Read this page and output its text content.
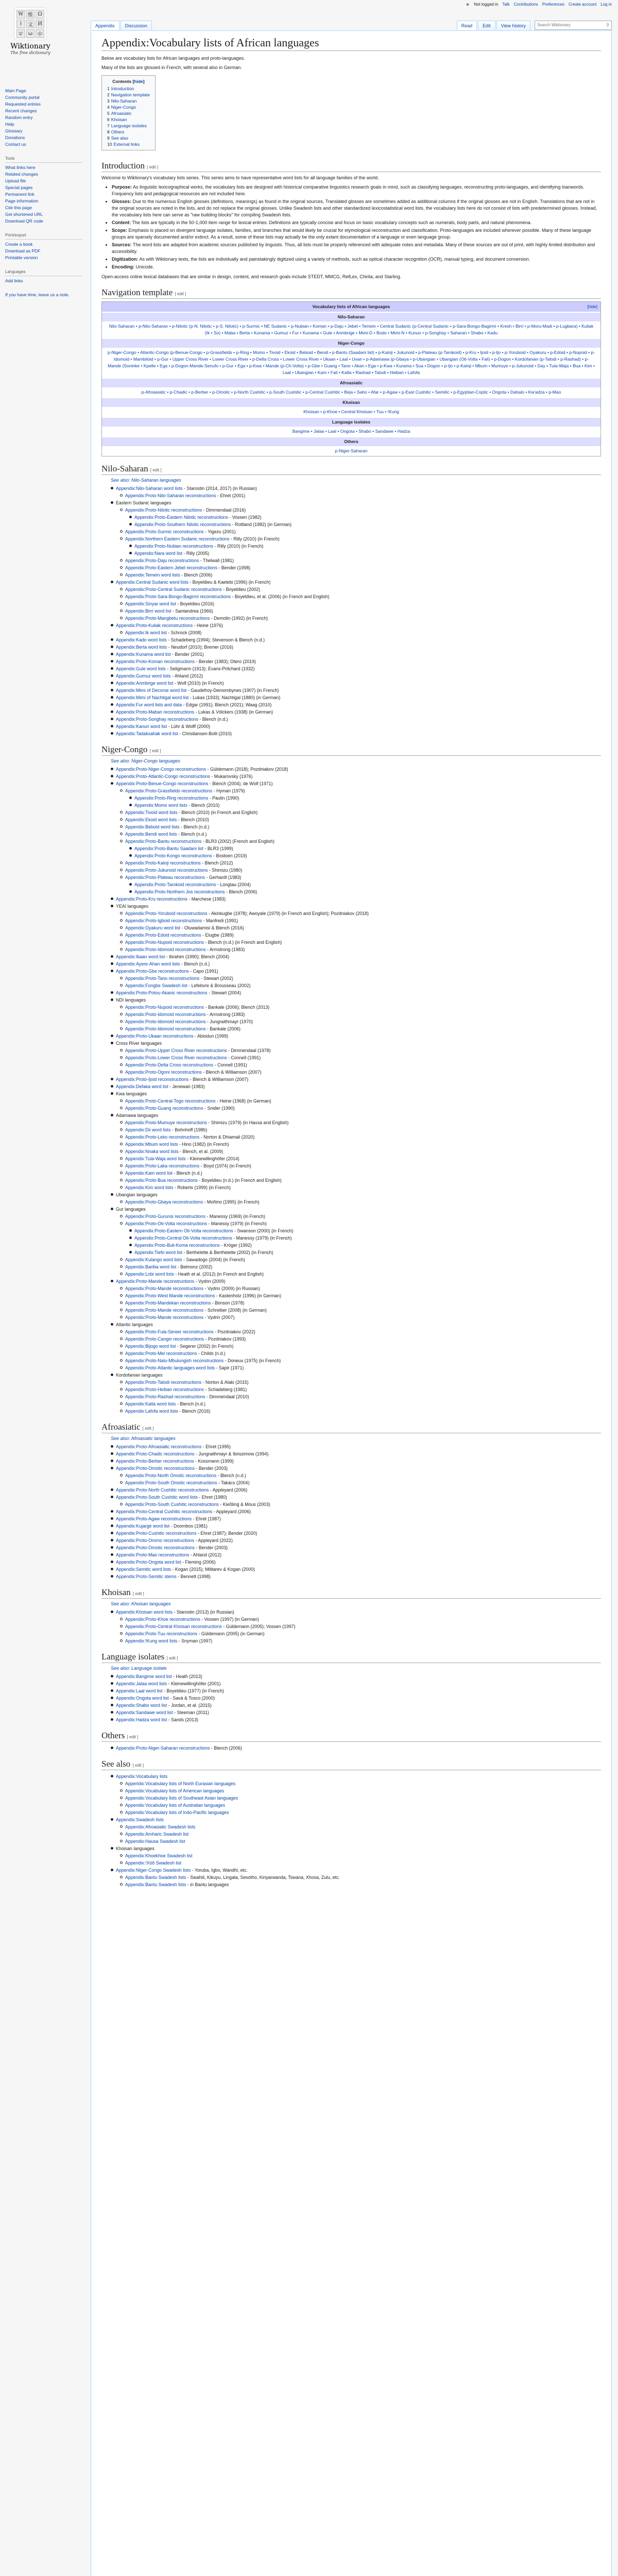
W 维 Ω
ا	文 И
ש	ω 中
Wiktionary
The free dictionary
☻ Not logged in Talk Contributions Preferences Create account Log in
Appendix	Discussion	Read	Edit	View history	Search Wiktionary	⚲
Main Page
Community portal
Requested entries
Recent changes
Random entry
Help
Glossary
Donations
Contact us
Tools
What links here
Related changes
Upload file
Special pages
Permanent link
Page information
Cite this page
Get shortened URL
Download QR code
Print/export
Create a book
Download as PDF
Printable version
Languages
Add links
If you have time, leave us a note.
Appendix:Vocabulary lists of African languages

Below are vocabulary lists for African languages and proto-languages.

Many of the lists are glossed in French, with several also in German.

Contents [hide]
1 Introduction
2 Navigation template
3 Nilo-Saharan
4 Niger-Congo
5 Afroasiatic
6 Khoisan
7 Language isolates
8 Others
9 See also
10 External links
Introduction [ edit ]

Welcome to Wiktionary's vocabulary lists series. This series aims to have representative word lists for all language families of the world.

• Purpose: As linguistic lexicographical works, the vocabulary lists are designed with historical comparative linguistics research goals in mind, such as classifying languages, reconstructing proto-languages, and identifying loanwords. Frequency lists and pedagogical resources are not included here.
• Glosses: Due to the numerous English glosses (definitions, meanings) as found in the original sources, Translated glosses are sometimes added as additional columns if the original glosses are not in English. Translations that are not in the original sources are noted in the lists, and do not replace the original glosses. Unlike Swadesh lists and other standardized lexicostatistical word lists, the vocabulary lists here do not consist of lists with predetermined glosses. Instead, the vocabulary lists here can serve as "raw building blocks" for compiling Swadesh lists.
• Content: The lists are typically in the 50-1,000 item range for lexical entries. Definitions are typically concise and focus on basic vocabulary concepts such as numerals, body parts, and natural phenomena.
• Scope: Emphasis is placed on divergent language isolates, families, and branches that would likely be crucial for etymological reconstruction and classification. Proto-languages are included wherever possible. Many of these language groups are sparsely documented and/or extinct. As a result, some of these lists may actually be the only extant documentation of a language or even language group.
• Sources: The word lists are adapted from academic sources published by linguists. Thus, all lists must be properly referenced with adequate notes and metadata. Many of these sources are out of print, with highly limited distribution and accessibility.
• Digitization: As with Wiktionary texts, the lists are individually and painstakingly digitized using a variety of methods, such as optical character recognition (OCR), manual typing, and document conversion.
• Encoding: Unicode.

Open-access online lexical databases that are similar in design, content, and research goals include STEDT, MMCG, RefLex, Chirila, and Starling.

Navigation template [ edit ]
Vocabulary lists of African languages	[hide]
Nilo-Saharan
Nilo-Saharan • p-Nilo-Saharan • p-Nilotic (p-N. Nilotic • p-S. Nilotic) • p-Surmic • NE Sudanic • p-Nubian • Koman • p-Daju • Jebel • Temein • Central Sudanic (p-Central Sudanic • p-Sara-Bongo-Bagirmi • Kresh • Birri • p-Moru-Madi • p-Lugbara) • Kuliak (Ik • So) • Maba • Berta • Kunama • Gumuz • Fur • Kunama • Gule • Anmbrige • Mimi-D • Bodo • Mimi-N • Kunun • p-Songhay • Saharan • Shabo • Kadu
Niger-Congo
p-Niger-Congo • Atlantic-Congo (p-Benue-Congo • p-Grassfields • p-Ring • Momo • Tivoid • Ekoid • Beboid • Bendi • p-Bantu (Saadani list) • p-Kainji • Jukunoid • p-Plateau (p-Tarokoid) • p-Kru • Ijoid • p-Ijo • p-Yoruboid • Oyakuru • p-Edoid • p-Nupoid • p-Idomoid • Mambiloid • p-Gur • Upper Cross River • Lower Cross River • p-Delta Cross • Lower Cross River • Ukaan • Laal • Uvan • p-Adamawa (p-Gbaya • p-Ubangian • Ubangian (Oti-Volta • Fali) • p-Dogon • Kordofanian (p-Talodi • p-Rashad) • p-Mande (Soninke • Kpelle • Ega • p-Dogon-Mande-Senufo • p-Gur • Ega • p-Kwa • Mande (p-Ch-Volta) • p-Gbe • Guang • Tano • Akan • Ega • p-Kwa • Kurama • Sua • Dogon • p-Ijo • p-Kainji • Mbum • Mumuye • p-Jukunoid • Day • Tula-Waja • Bua • Kim • Laal • Ubangian • Kam • Fali • Katla • Rashad • Talodi • Heiban • Lafofa
Afroasiatic
p-Afroasiatic • p-Chadic • p-Berber • p-Omotic • p-North Cushitic • p-South Cushitic • p-Central Cushitic • Beja • Saho • Afar • p-Agaw • p-East Cushitic • Semitic • p-Egyptian-Coptic • Ongota • Dahalo • Kw'adza • p-Mao
Khoisan
Khoisan • p-Khoe • Central Khoisan • Tuu • !Kung
Language isolates
Bangime • Jalaa • Laal • Ongota • Shabo • Sandawe • Hadza
Others
p-Niger-Saharan
Nilo-Saharan [ edit ]
See also: Nilo-Saharan languages
Appendix:Nilo-Saharan word lists - Starostin (2014, 2017) (in Russian)
Appendix:Proto-Nilo-Saharan reconstructions - Ehret (2001)
Eastern Sudanic languages
Appendix:Proto-Nilotic reconstructions - Dimmendaal (2016)
Appendix:Proto-Eastern Nilotic reconstructions - Vossen (1982)
Appendix:Proto-Southern Nilotic reconstructions - Rottland (1982) (in German)
Appendix:Proto-Surmic reconstructions - Yigezu (2001)
Appendix:Northern Eastern Sudanic reconstructions - Rilly (2010) (in French)
Appendix:Proto-Nubian reconstructions - Rilly (2010) (in French)
Appendix:Nara word list - Rilly (2005)
Appendix:Proto-Daju reconstructions - Thelwall (1981)
Appendix:Proto-Eastern Jebel reconstructions - Bender (1998)
Appendix:Temein word lists - Blench (2006)
Appendix:Central Sudanic word lists - Boyeldieu & Kaelebi (1996) (in French)
Appendix:Proto-Central Sudanic reconstructions - Boyeldieu (2002)
Appendix:Proto-Sara-Bongo-Bagirmi reconstructions - Boyeldieu, et al. (2006) (in French and English)
Appendix:Sinyar word list - Boyeldieu (2016)
Appendix:Birri word list - Santandrea (1966)
Appendix:Proto-Mangbetu reconstructions - Demolin (1992) (in French)
Appendix:Proto-Kuliak reconstructions - Heine (1976)
Appendix:Ik word list - Schrock (2008)
Appendix:Kado word lists - Schadeberg (1994); Stevenson & Blench (n.d.)
Appendix:Berta word lists - Neudorf (2010); Bremer (2016)
Appendix:Kunama word list - Bender (2001)
Appendix:Proto-Koman reconstructions - Bender (1983); Otero (2019)
Appendix:Gule word lists - Seligmann (1913); Evans-Pritchard (1932)
Appendix:Gumuz word lists - Ahland (2012)
Appendix:Anmbrige word list - Wolf (2010) (in French)
Appendix:Mimi of Decorse word list - Gaudefroy-Demombynes (1907) (in French)
Appendix:Mimi of Nachtigal word list - Lukas (1933); Nachtigal (1880) (in German)
Appendix:Fur word lists and data - Edgar (1991); Blench (2021); Waag (2010)
Appendix:Proto-Maban reconstructions - Lukas & Völckers (1938) (in German)
Appendix:Proto-Songhay reconstructions - Blench (n.d.)
Appendix:Kanuri word list - Lühr & Wolff (2000)
Appendix:Tadaksahak word list - Christiansen-Bolli (2010)
Niger-Congo [ edit ]
See also: Niger-Congo languages
Appendix:Proto-Niger-Congo reconstructions - Güldemann (2018); Pozdniakov (2018)
Appendix:Proto-Atlantic-Congo reconstructions - Mukarovsky (1976)
Appendix:Proto-Benue-Congo reconstructions - Blench (2004); de Wolf (1971)
Appendix:Proto-Grassfields reconstructions - Hyman (1979)
Appendix:Proto-Ring reconstructions - Paulin (1990)
Appendix:Momo word lists - Blench (2010)
Appendix:Tivoid word lists - Blench (2010) (in French and English)
Appendix:Ekoid word lists - Blench (2010)
Appendix:Beboid word lists - Blench (n.d.)
Appendix:Bendi word lists - Blench (n.d.)
Appendix:Proto-Bantu reconstructions - BLR3 (2002) (French and English)
Appendix:Proto-Bantu Saadani list - BLR3 (1999)
Appendix:Proto-Kongo reconstructions - Bostoen (2019)
Appendix:Proto-Kainji reconstructions - Blench (2012)
Appendix:Proto-Jukunoid reconstructions - Shimizu (1980)
Appendix:Proto-Plateau reconstructions - Gerhardt (1983)
Appendix:Proto-Tarokoid reconstructions - Longtau (2004)
Appendix:Proto-Northern Jos reconstructions - Blench (2006)
Appendix:Proto-Kru reconstructions - Marchese (1983)
YEAI languages
Appendix:Proto-Yoruboid reconstructions - Akinkugbe (1978); Awoyale (1979) (in French and English); Pozdniakov (2018)
Appendix:Proto-Igboid reconstructions - Manfredi (1991)
Appendix:Oyakuru word list - Oluwadamisi & Blench (2016)
Appendix:Proto-Edoid reconstructions - Elugbe (1989)
Appendix:Proto-Nupoid reconstructions - Blench (n.d.) (in French and English)
Appendix:Proto-Idomoid reconstructions - Armstrong (1983)
Appendix:Ikaan word list - Ibrahim (1990); Blench (2004)
Appendix:Ayere-Ahan word lists - Blench (n.d.)
Appendix:Proto-Gbe reconstructions - Capo (1991)
Appendix:Proto-Tano reconstructions - Stewart (2002)
Appendix:Fongbe Swadesh list - Lefebvre & Brousseau (2002)
Appendix:Proto-Potou-Akanic reconstructions - Stewart (2004)
NDI languages
Appendix:Proto-Nupoid reconstructions - Bankale (2006); Blench (2013)
Appendix:Proto-Idomoid reconstructions - Armstrong (1983)
Appendix:Proto-Idomoid reconstructions - Jungraithmayr (1970)
Appendix:Proto-Idomoid reconstructions - Bankale (2006)
Appendix:Proto-Ukaan reconstructions - Abiodun (1999)
Cross River languages
Appendix:Proto-Upper Cross River reconstructions - Dimmendaal (1978)
Appendix:Proto-Lower Cross River reconstructions - Connell (1991)
Appendix:Proto-Delta Cross reconstructions - Connell (1991)
Appendix:Proto-Ogoni reconstructions - Blench & Williamson (2007)
Appendix:Proto-Ijoid reconstructions - Blench & Williamson (2007)
Appendix:Defaka word list - Jenewari (1983)
Kwa languages
Appendix:Proto-Central-Togo reconstructions - Heine (1968) (in German)
Appendix:Proto-Guang reconstructions - Snider (1990)
Adamawa languages
Appendix:Proto-Mumuye reconstructions - Shimizu (1979) (in Hausa and English)
Appendix:Dii word lists - Bohnhoff (1986)
Appendix:Proto-Leko reconstructions - Norton & Dhiamali (2020)
Appendix:Mbum word lists - Hino (1982) (in French)
Appendix:Nnaka word lists - Blench, et al. (2009)
Appendix:Tula-Waja word lists - Kleinewillinghöfer (2014)
Appendix:Proto-Laka reconstructions - Boyd (1974) (in French)
Appendix:Kam word list - Blench (n.d.)
Appendix:Proto-Bua reconstructions - Boyeldieu (n.d.) (in French and English)
Appendix:Kim word lists - Roberts (1999) (in French)
Ubangian languages
Appendix:Proto-Gbaya reconstructions - Moñino (1995) (in French)
Gur languages
Appendix:Proto-Gurunsi reconstructions - Manessy (1969) (in French)
Appendix:Proto-Oti-Volta reconstructions - Manessy (1979) (in French)
Appendix:Proto-Eastern Oti-Volta reconstructions - Swanson (2000) (in French)
Appendix:Proto-Central Oti-Volta reconstructions - Manessy (1979) (in French)
Appendix:Proto-Buli-Koma reconstructions - Kröger (1992)
Appendix:Tiefo word list - Berthelette & Berthelette (2002) (in French)
Appendix:Kulango word lists - Sawadogo (2004) (in French)
Appendix:Bariba word list - Belmonz (2002)
Appendix:Lobi word lists - Heath et al. (2012) (in French and English)
Appendix:Proto-Mande reconstructions - Vydrin (2009)
Appendix:Proto-Mande reconstructions - Vydrin (2009) (in Russian)
Appendix:Proto-West Mande reconstructions - Kastenholz (1996) (in German)
Appendix:Proto-Mandekan reconstructions - Bimson (1978)
Appendix:Proto-Mande reconstructions - Schreiber (2008) (in German)
Appendix:Proto-Mande reconstructions - Vydrin (2007)
Atlantic languages
Appendix:Proto-Fula-Sereer reconstructions - Pozdniakov (2022)
Appendix:Proto-Cangin reconstructions - Pozdniakov (1993)
Appendix:Bijogo word list - Segerer (2002) (in French)
Appendix:Proto-Mel reconstructions - Childs (n.d.)
Appendix:Proto-Nalu-Mbulungish reconstructions - Doneux (1975) (in French)
Appendix:Proto-Atlantic languages word lists - Sapir (1971)
Kordofanian languages
Appendix:Proto-Talodi reconstructions - Norton & Alaki (2015)
Appendix:Proto-Heiban reconstructions - Schadeberg (1981)
Appendix:Proto-Rashad reconstructions - Dimmendaal (2010)
Appendix:Katla word lists - Blench (n.d.)
Appendix:Lafofa word lists - Blench (2016)
Afroasiatic [ edit ]
See also: Afroasiatic languages
Appendix:Proto-Afroasiatic reconstructions - Ehret (1995)
Appendix:Proto-Chadic reconstructions - Jungraithmayr & Ibriszimow (1994)
Appendix:Proto-Berber reconstructions - Kossmann (1999)
Appendix:Proto-Omotic reconstructions - Bender (2003)
Appendix:Proto-North Omotic reconstructions - Blench (n.d.)
Appendix:Proto-South Omotic reconstructions - Takács (2004)
Appendix:Proto-North Cushitic reconstructions - Appleyard (2006)
Appendix:Proto-South Cushitic word lists - Ehret (1980)
Appendix:Proto-South Cushitic reconstructions - Kießling & Mous (2003)
Appendix:Proto-Central Cushitic reconstructions - Appleyard (2006)
Appendix:Proto-Agaw reconstructions - Ehret (1987)
Appendix:Kujargé word list - Doornbos (1981)
Appendix:Proto-Cushitic reconstructions - Ehret (1987); Bender (2020)
Appendix:Proto-Oromo reconstructions - Appleyard (2022)
Appendix:Proto-Omotic reconstructions - Bender (2003)
Appendix:Proto-Mao reconstructions - Ahland (2012)
Appendix:Proto-Ongota word list - Fleming (2006)
Appendix:Semitic word lists - Kogan (2015); Militarev & Kogan (2000)
Appendix:Proto-Semitic stems - Bennett (1998)
Khoisan [ edit ]
See also: Khoisan languages
Appendix:Khoisan word lists - Starostin (2013) (in Russian)
Appendix:Proto-Khoe reconstructions - Vossen (1997) (in German)
Appendix:Proto-Central Khoisan reconstructions - Güldemann (2005); Vossen (1997)
Appendix:Proto-Tuu reconstructions - Güldemann (2005) (in German)
Appendix:!Kung word lists - Snyman (1997)
Language isolates [ edit ]
See also: Language isolate
Appendix:Bangime word list - Heath (2013)
Appendix:Jalaa word lists - Kleinewillinghöfer (2001)
Appendix:Laal word list - Boyeldieu (1977) (in French)
Appendix:Ongota word list - Savà & Tosco (2000)
Appendix:Shabo word list - Jordan, et al. (2015)
Appendix:Sandawe word list - Steeman (2011)
Appendix:Hadza word list - Sands (2013)
Others [ edit ]
Appendix:Proto-Niger-Saharan reconstructions - Blench (2006)
See also [ edit ]
Appendix:Vocabulary lists
Appendix:Vocabulary lists of North Eurasian languages
Appendix:Vocabulary lists of American languages
Appendix:Vocabulary lists of Southeast Asian languages
Appendix:Vocabulary lists of Australian languages
Appendix:Vocabulary lists of Indo-Pacific languages
Appendix:Swadesh lists
Appendix:Afroasiatic Swadesh lists
Appendix:Amharic Swadesh list
Appendix:Hausa Swadesh list
Khoisan languages
Appendix:Khoekhoe Swadesh list
Appendix:!Xóõ Swadesh list
Appendix:Niger-Congo Swadesh lists - Yoruba, Igbo, Wandhi, etc.
Appendix:Bantu Swadesh lists - Swahili, Kikuyu, Lingala, Sesotho, Kinyarwanda, Tswana, Xhosa, Zulu, etc.
Appendix:Bantu Swadesh lists - in Bantu languages
